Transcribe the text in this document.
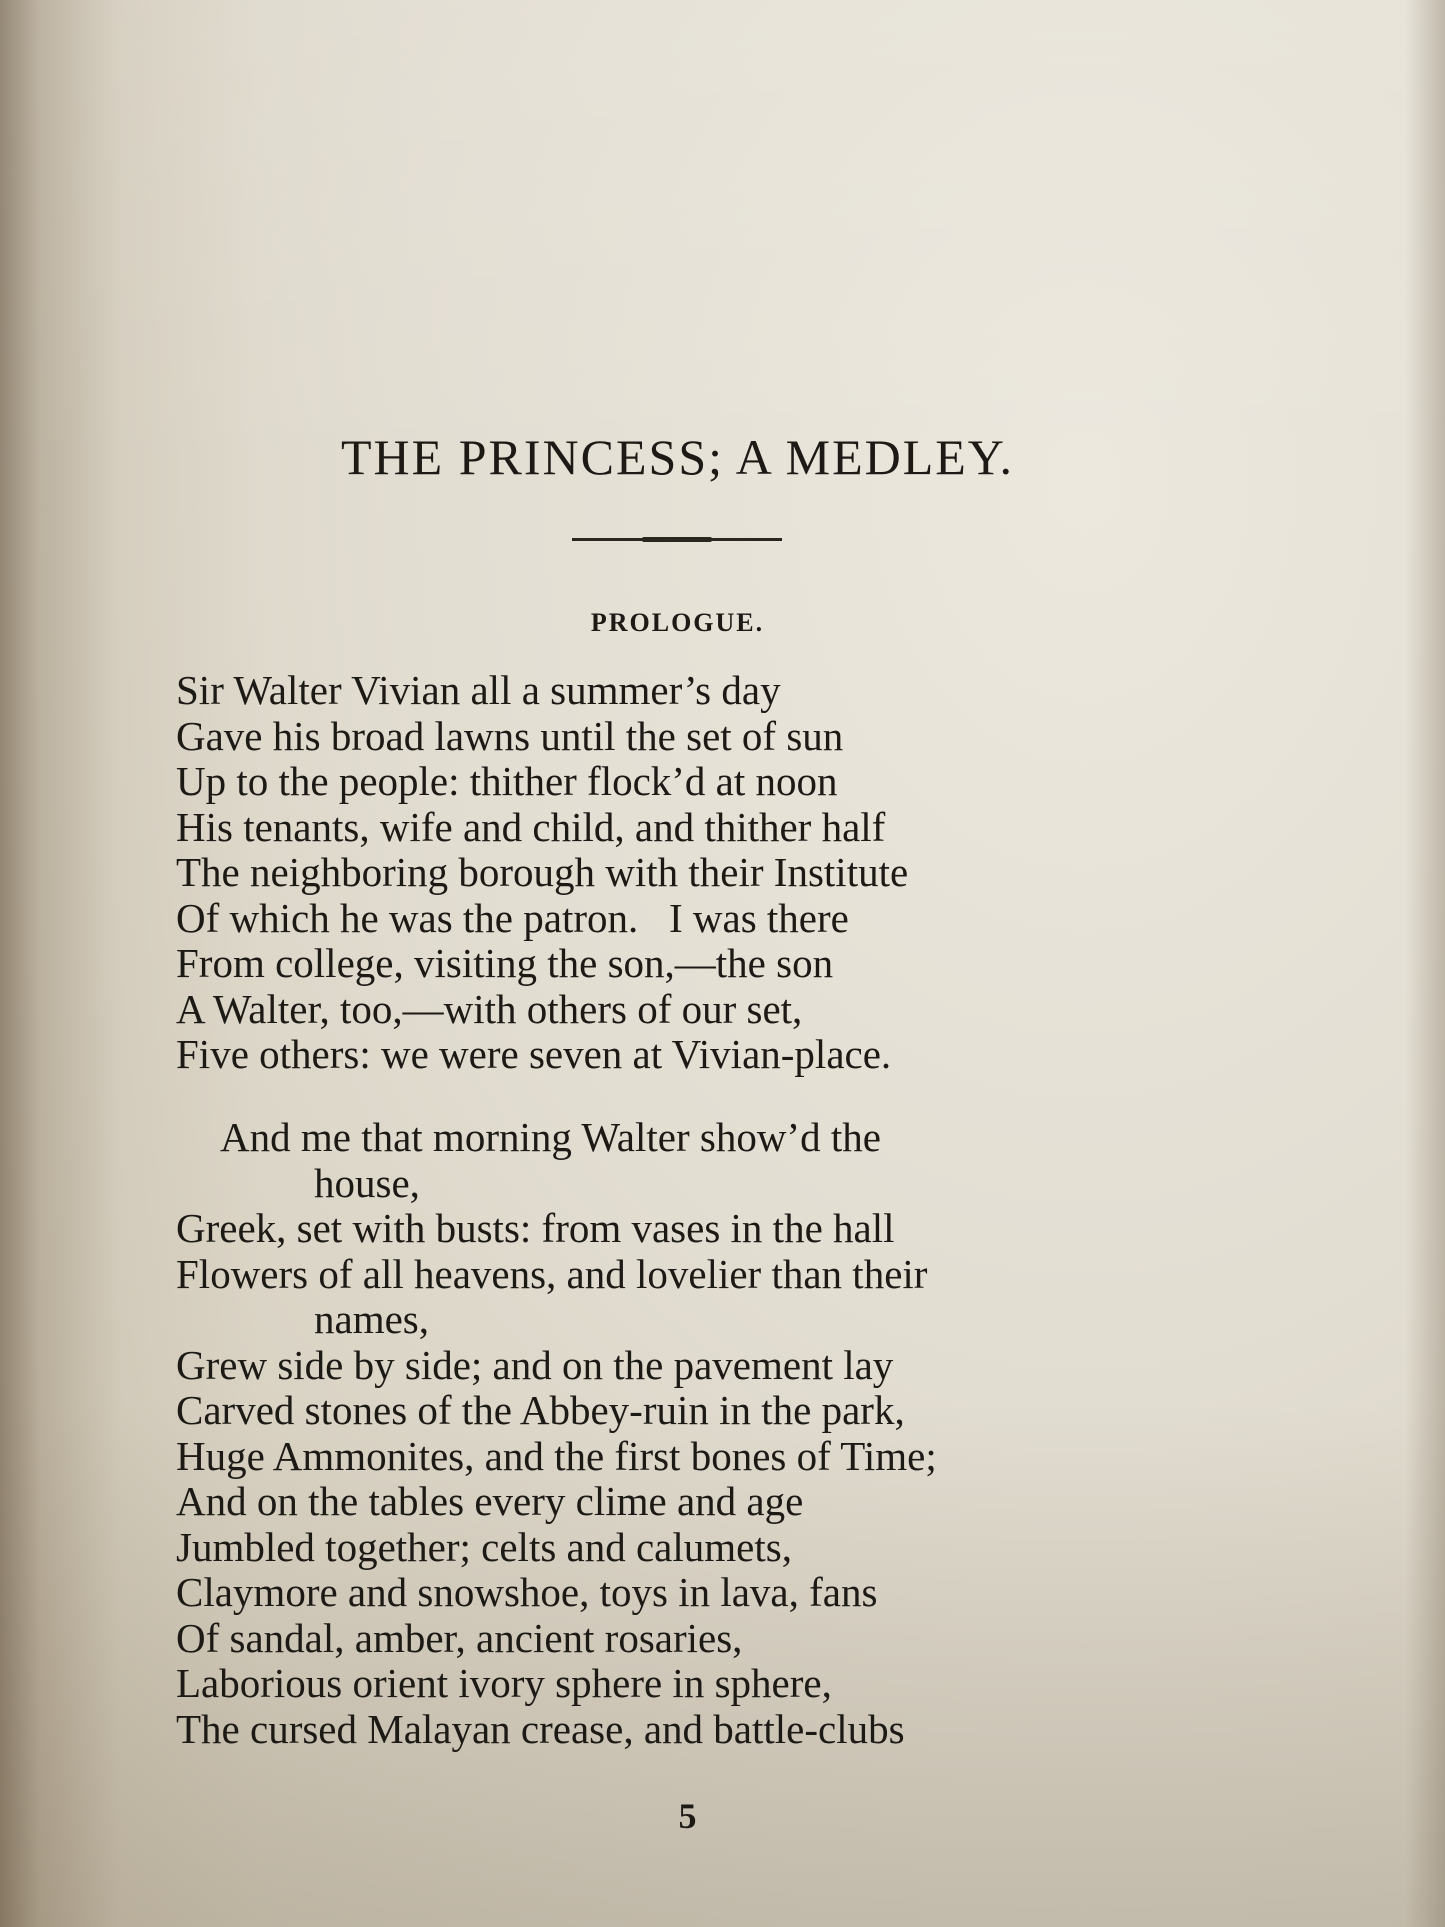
THE PRINCESS; A MEDLEY.
PROLOGUE.
Sir Walter Vivian all a summer’s day
Gave his broad lawns until the set of sun
Up to the people: thither flock’d at noon
His tenants, wife and child, and thither half
The neighboring borough with their Institute
Of which he was the patron.   I was there
From college, visiting the son,—the son
A Walter, too,—with others of our set,
Five others: we were seven at Vivian-place.
And me that morning Walter show’d the
house,
Greek, set with busts: from vases in the hall
Flowers of all heavens, and lovelier than their
names,
Grew side by side; and on the pavement lay
Carved stones of the Abbey-ruin in the park,
Huge Ammonites, and the first bones of Time;
And on the tables every clime and age
Jumbled together; celts and calumets,
Claymore and snowshoe, toys in lava, fans
Of sandal, amber, ancient rosaries,
Laborious orient ivory sphere in sphere,
The cursed Malayan crease, and battle-clubs
5
